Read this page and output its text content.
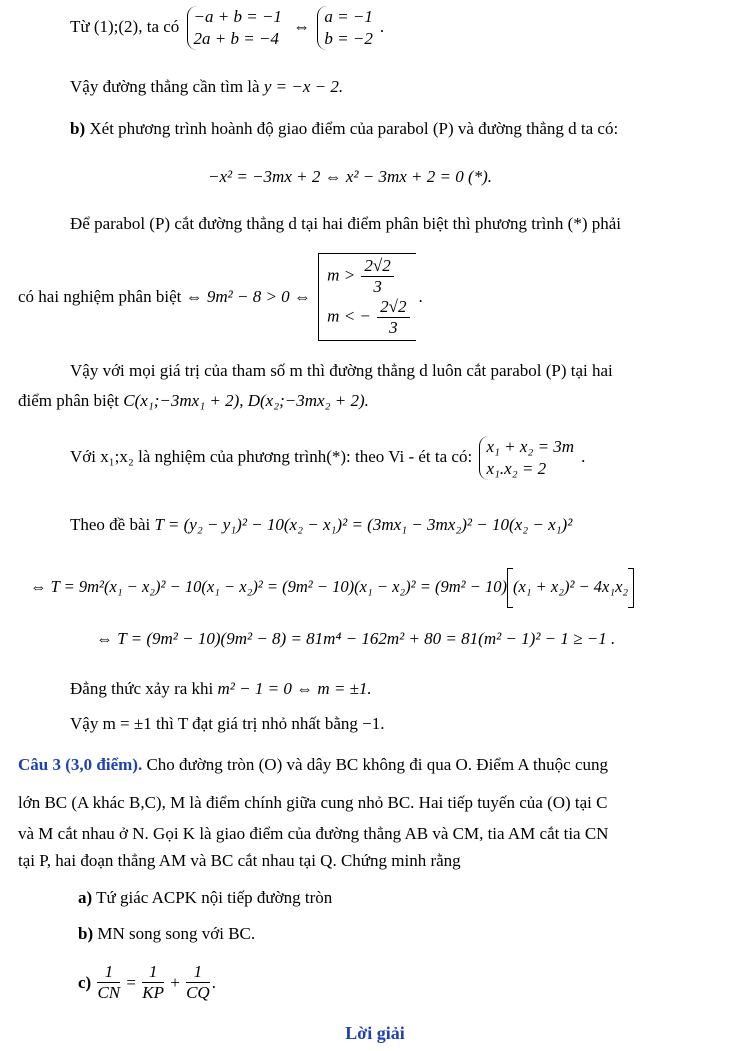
Từ (1);(2), ta có
−a + b = −1
2a + b = −4
⇔
a = −1
b = −2
.
Vậy đường thẳng cần tìm là y = −x − 2.
b) Xét phương trình hoành độ giao điểm của parabol (P) và đường thẳng d ta có:
−x² = −3mx + 2 ⇔ x² − 3mx + 2 = 0 (*).
Để parabol (P) cắt đường thẳng d tại hai điểm phân biệt thì phương trình (*) phải
có hai nghiệm phân biệt ⇔ 9m² − 8 > 0 ⇔
$m > \frac{2√2}{3}$
m < − $\frac{2√2}{3}$
.
Vậy với mọi giá trị của tham số m thì đường thẳng d luôn cắt parabol (P) tại hai
điểm phân biệt C(x₁;−3mx₁ + 2), D(x₂;−3mx₂ + 2).
Với x₁;x₂ là nghiệm của phương trình(*): theo Vi - ét ta có:
x₁ + x₂ = 3m
x₁.x₂ = 2
.
Theo đề bài T = (y₂ − y₁)² − 10(x₂ − x₁)² = (3mx₁ − 3mx₂)² − 10(x₂ − x₁)²
⇔ T = 9m²(x₁ − x₂)² − 10(x₁ − x₂)² = (9m² − 10)(x₁ − x₂)² = (9m² − 10) (x₁ + x₂)² − 4x₁x₂
⇔ T = (9m² − 10)(9m² − 8) = 81m⁴ − 162m² + 80 = 81(m² − 1)² − 1 ≥ −1 .
Đẳng thức xảy ra khi m² − 1 = 0 ⇔ m = ±1.
Vậy m = ±1 thì T đạt giá trị nhỏ nhất bằng −1.
Câu 3 (3,0 điểm). Cho đường tròn (O) và dây BC không đi qua O. Điểm A thuộc cung
lớn BC (A khác B,C), M là điểm chính giữa cung nhỏ BC. Hai tiếp tuyến của (O) tại C
và M cắt nhau ở N. Gọi K là giao điểm của đường thẳng AB và CM, tia AM cắt tia CN
tại P, hai đoạn thẳng AM và BC cắt nhau tại Q. Chứng minh rằng
a) Tứ giác ACPK nội tiếp đường tròn
b) MN song song với BC.
$c) \frac{1}{CN} = \frac{1}{KP} + \frac{1}{CQ}$ .
Lời giải
